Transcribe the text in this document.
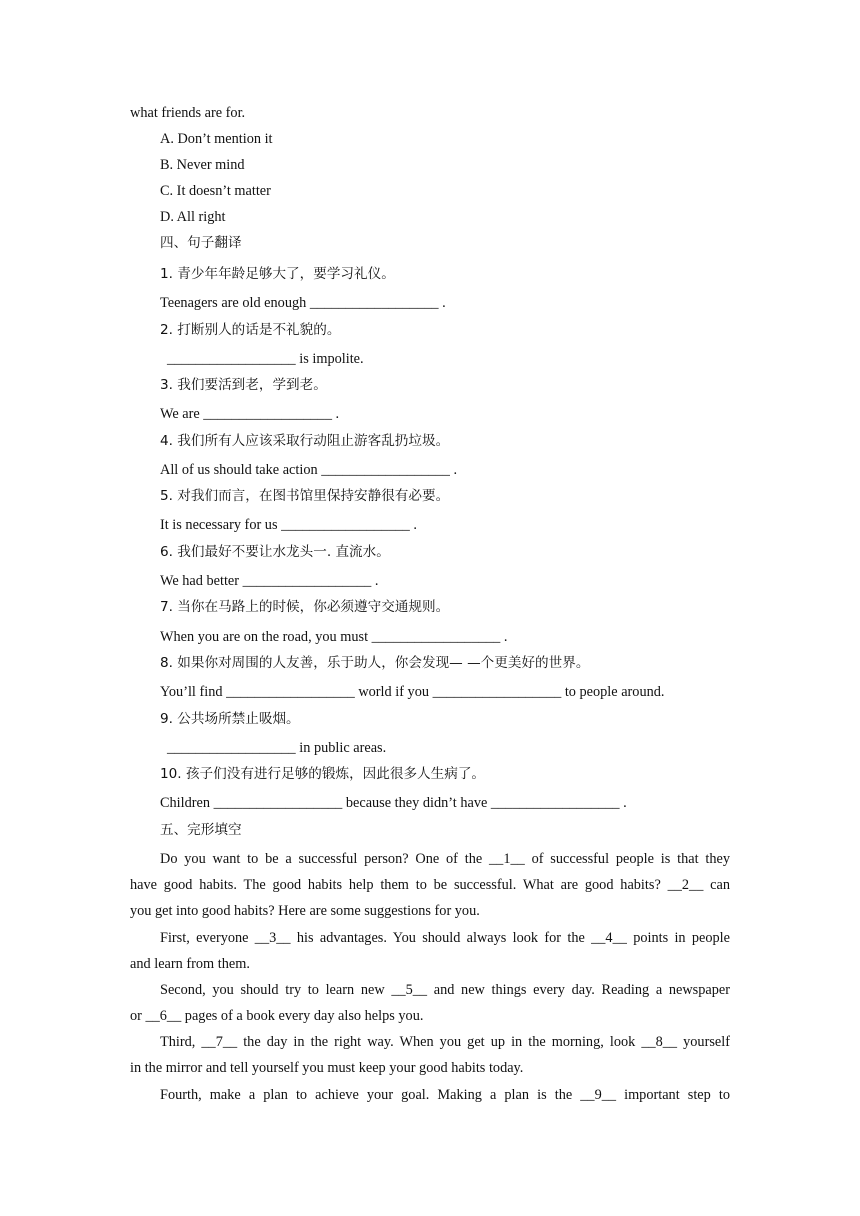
what friends are for.
A. Don’t mention it
B. Never mind
C. It doesn’t matter
D. All right
四、句子翻译
1. 青少年年龄足够大了，要学习礼仪。
Teenagers are old enough __________________ .
2. 打断别人的话是不礼貌的。
__________________ is impolite.
3. 我们要活到老，学到老。
We are __________________ .
4. 我们所有人应该采取行动阻止游客乱扔垃圾。
All of us should take action __________________ .
5. 对我们而言，在图书馆里保持安静很有必要。
It is necessary for us __________________ .
6. 我们最好不要让水龙头一. 直流水。
We had better __________________ .
7. 当你在马路上的时候，你必须遵守交通规则。
When you are on the road, you must __________________ .
8. 如果你对周围的人友善，乐于助人，你会发现— —个更美好的世界。
You’ll find __________________ world if you __________________ to people around.
9. 公共场所禁止吸烟。
__________________ in public areas.
10. 孩子们没有进行足够的锻炼，因此很多人生病了。
Children __________________ because they didn’t have __________________ .
五、完形填空
Do you want to be a successful person? One of the __1__ of successful people is that they
have good habits. The good habits help them to be successful. What are good habits? __2__ can
you get into good habits? Here are some suggestions for you.
First, everyone __3__ his advantages. You should always look for the __4__ points in people
and learn from them.
Second, you should try to learn new __5__ and new things every day. Reading a newspaper
or __6__ pages of a book every day also helps you.
Third, __7__ the day in the right way. When you get up in the morning, look __8__ yourself
in the mirror and tell yourself you must keep your good habits today.
Fourth, make a plan to achieve your goal. Making a plan is the __9__ important step to
